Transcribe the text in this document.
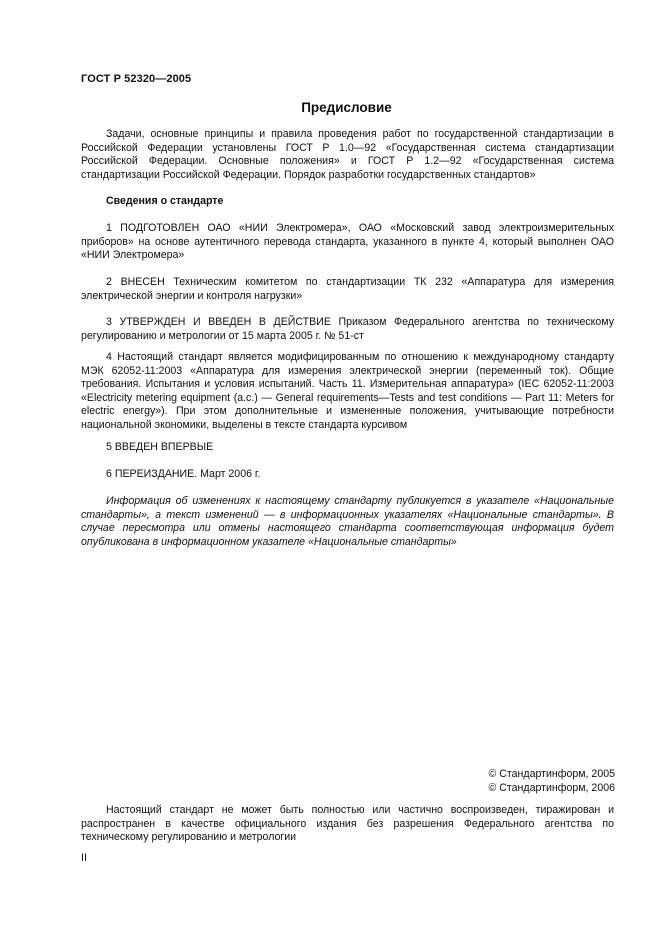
ГОСТ Р 52320—2005
Предисловие

Задачи, основные принципы и правила проведения работ по государственной стандартизации в Российской Федерации установлены ГОСТ Р 1.0—92 «Государственная система стандартизации Российской Федерации. Основные положения» и ГОСТ Р 1.2—92 «Государственная система стандартизации Российской Федерации. Порядок разработки государственных стандартов»

Сведения о стандарте

1 ПОДГОТОВЛЕН ОАО «НИИ Электромера», ОАО «Московский завод электроизмерительных приборов» на основе аутентичного перевода стандарта, указанного в пункте 4, который выполнен ОАО «НИИ Электромера»

2 ВНЕСЕН Техническим комитетом по стандартизации ТК 232 «Аппаратура для измерения электрической энергии и контроля нагрузки»

3 УТВЕРЖДЕН И ВВЕДЕН В ДЕЙСТВИЕ Приказом Федерального агентства по техническому регулированию и метрологии от 15 марта 2005 г. № 51-ст

4 Настоящий стандарт является модифицированным по отношению к международному стандарту МЭК 62052-11:2003 «Аппаратура для измерения электрической энергии (переменный ток). Общие требования. Испытания и условия испытаний. Часть 11. Измерительная аппаратура» (IEC 62052-11:2003 «Electricity metering equipment (a.c.) — General requirements—Tests and test conditions — Part 11: Meters for electric energy»). При этом дополнительные и измененные положения, учитывающие потребности национальной экономики, выделены в тексте стандарта курсивом

5 ВВЕДЕН ВПЕРВЫЕ

6 ПЕРЕИЗДАНИЕ. Март 2006 г.

Информация об изменениях к настоящему стандарту публикуется в указателе «Национальные стандарты», а текст изменений — в информационных указателях «Национальные стандарты». В случае пересмотра или отмены настоящего стандарта соответствующая информация будет опубликована в информационном указателе «Национальные стандарты»

© Стандартинформ, 2005
© Стандартинформ, 2006

Настоящий стандарт не может быть полностью или частично воспроизведен, тиражирован и распространен в качестве официального издания без разрешения Федерального агентства по техническому регулированию и метрологии

II
